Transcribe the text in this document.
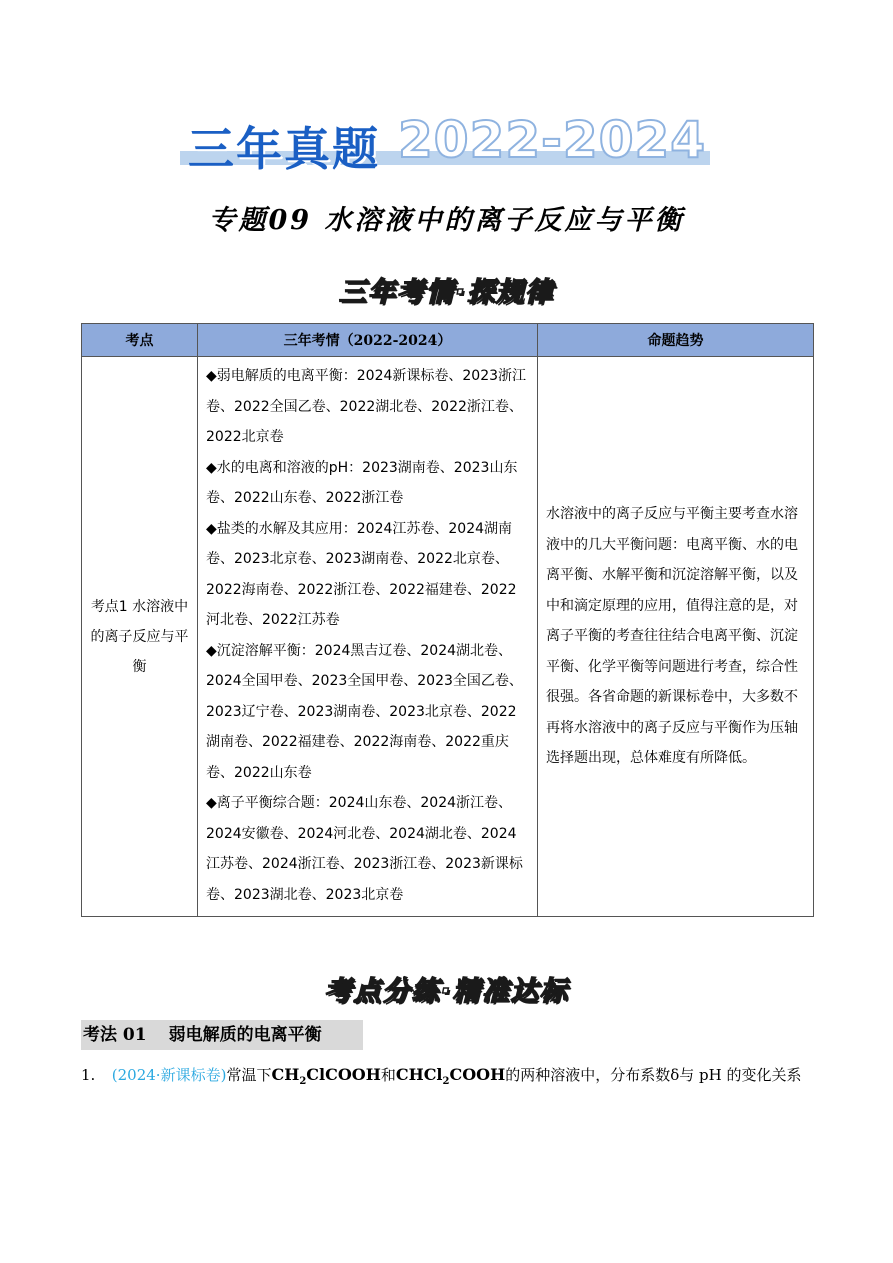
三年真题 2022-2024
专题09 水溶液中的离子反应与平衡
三年考情·探规律
考点	三年考情（2022-2024）	命题趋势
考点1 水溶液中的离子反应与平衡	◆弱电解质的电离平衡：2024新课标卷、2023浙江卷、2022全国乙卷、2022湖北卷、2022浙江卷、2022北京卷
◆水的电离和溶液的pH：2023湖南卷、2023山东卷、2022山东卷、2022浙江卷
◆盐类的水解及其应用：2024江苏卷、2024湖南卷、2023北京卷、2023湖南卷、2022北京卷、2022海南卷、2022浙江卷、2022福建卷、2022河北卷、2022江苏卷
◆沉淀溶解平衡：2024黑吉辽卷、2024湖北卷、2024全国甲卷、2023全国甲卷、2023全国乙卷、2023辽宁卷、2023湖南卷、2023北京卷、2022湖南卷、2022福建卷、2022海南卷、2022重庆卷、2022山东卷
◆离子平衡综合题：2024山东卷、2024浙江卷、2024安徽卷、2024河北卷、2024湖北卷、2024江苏卷、2024浙江卷、2023浙江卷、2023新课标卷、2023湖北卷、2023北京卷	水溶液中的离子反应与平衡主要考查水溶液中的几大平衡问题：电离平衡、水的电离平衡、水解平衡和沉淀溶解平衡，以及中和滴定原理的应用，值得注意的是，对离子平衡的考查往往结合电离平衡、沉淀平衡、化学平衡等问题进行考查，综合性很强。各省命题的新课标卷中，大多数不再将水溶液中的离子反应与平衡作为压轴选择题出现，总体难度有所降低。
考点分练·精准达标
考法 01 弱电解质的电离平衡
1. (2024·新课标卷)常温下$CH_2ClCOOH$和CHCl$_2$COOH的两种溶液中，分布系数δ与 pH 的变化关系
